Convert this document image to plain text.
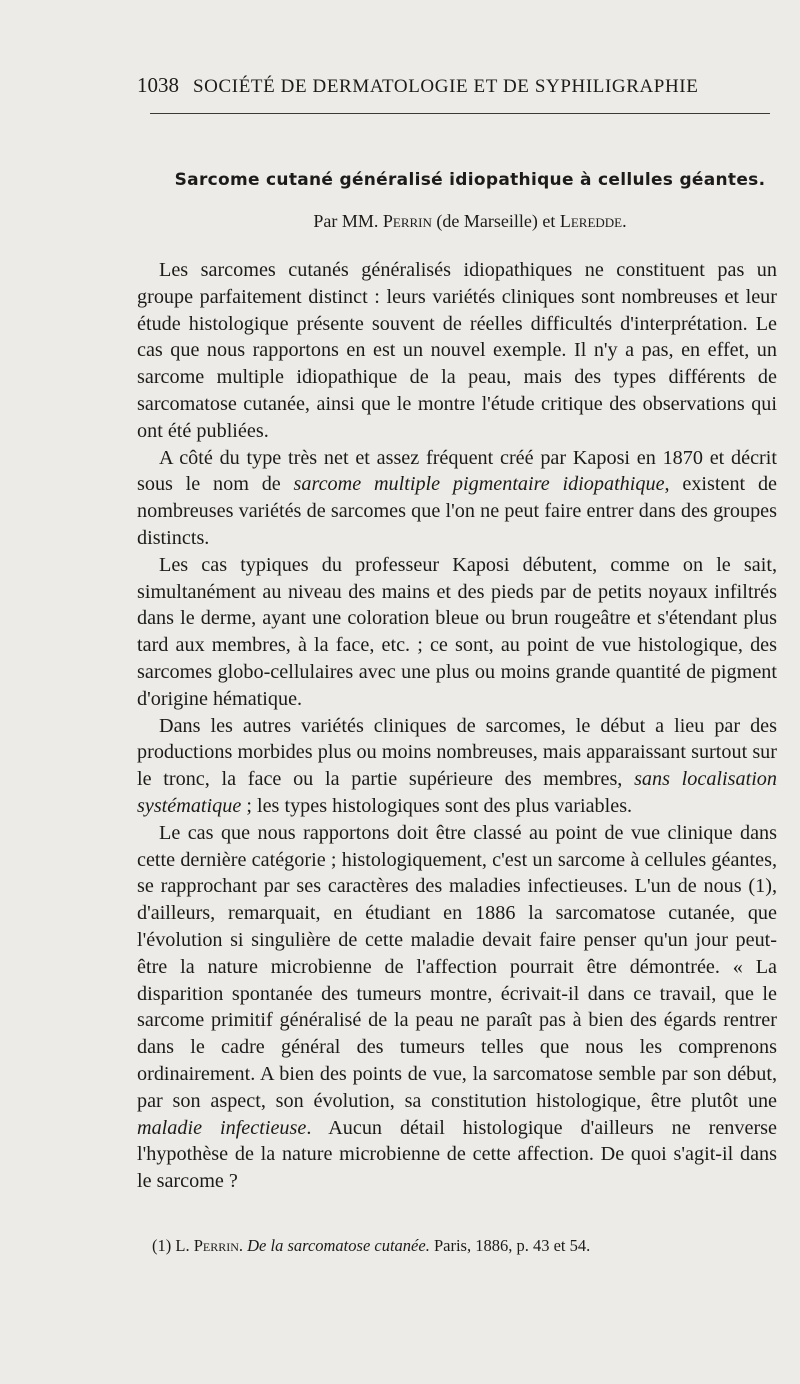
1038 SOCIÉTÉ DE DERMATOLOGIE ET DE SYPHILIGRAPHIE
Sarcome cutané généralisé idiopathique à cellules géantes.
Par MM. Perrin (de Marseille) et Leredde.

Les sarcomes cutanés généralisés idiopathiques ne constituent pas un groupe parfaitement distinct : leurs variétés cliniques sont nombreuses et leur étude histologique présente souvent de réelles difficultés d'interprétation. Le cas que nous rapportons en est un nouvel exemple. Il n'y a pas, en effet, un sarcome multiple idiopathique de la peau, mais des types différents de sarcomatose cutanée, ainsi que le montre l'étude critique des observations qui ont été publiées.

A côté du type très net et assez fréquent créé par Kaposi en 1870 et décrit sous le nom de sarcome multiple pigmentaire idiopathique, existent de nombreuses variétés de sarcomes que l'on ne peut faire entrer dans des groupes distincts.

Les cas typiques du professeur Kaposi débutent, comme on le sait, simultanément au niveau des mains et des pieds par de petits noyaux infiltrés dans le derme, ayant une coloration bleue ou brun rougeâtre et s'étendant plus tard aux membres, à la face, etc. ; ce sont, au point de vue histologique, des sarcomes globo-cellulaires avec une plus ou moins grande quantité de pigment d'origine hématique.

Dans les autres variétés cliniques de sarcomes, le début a lieu par des productions morbides plus ou moins nombreuses, mais apparaissant surtout sur le tronc, la face ou la partie supérieure des membres, sans localisation systématique ; les types histologiques sont des plus variables.

Le cas que nous rapportons doit être classé au point de vue clinique dans cette dernière catégorie ; histologiquement, c'est un sarcome à cellules géantes, se rapprochant par ses caractères des maladies infectieuses. L'un de nous (1), d'ailleurs, remarquait, en étudiant en 1886 la sarcomatose cutanée, que l'évolution si singulière de cette maladie devait faire penser qu'un jour peut-être la nature microbienne de l'affection pourrait être démontrée. « La disparition spontanée des tumeurs montre, écrivait-il dans ce travail, que le sarcome primitif généralisé de la peau ne paraît pas à bien des égards rentrer dans le cadre général des tumeurs telles que nous les comprenons ordinairement. A bien des points de vue, la sarcomatose semble par son début, par son aspect, son évolution, sa constitution histologique, être plutôt une maladie infectieuse. Aucun détail histologique d'ailleurs ne renverse l'hypothèse de la nature microbienne de cette affection. De quoi s'agit-il dans le sarcome ?

(1) L. Perrin. De la sarcomatose cutanée. Paris, 1886, p. 43 et 54.
